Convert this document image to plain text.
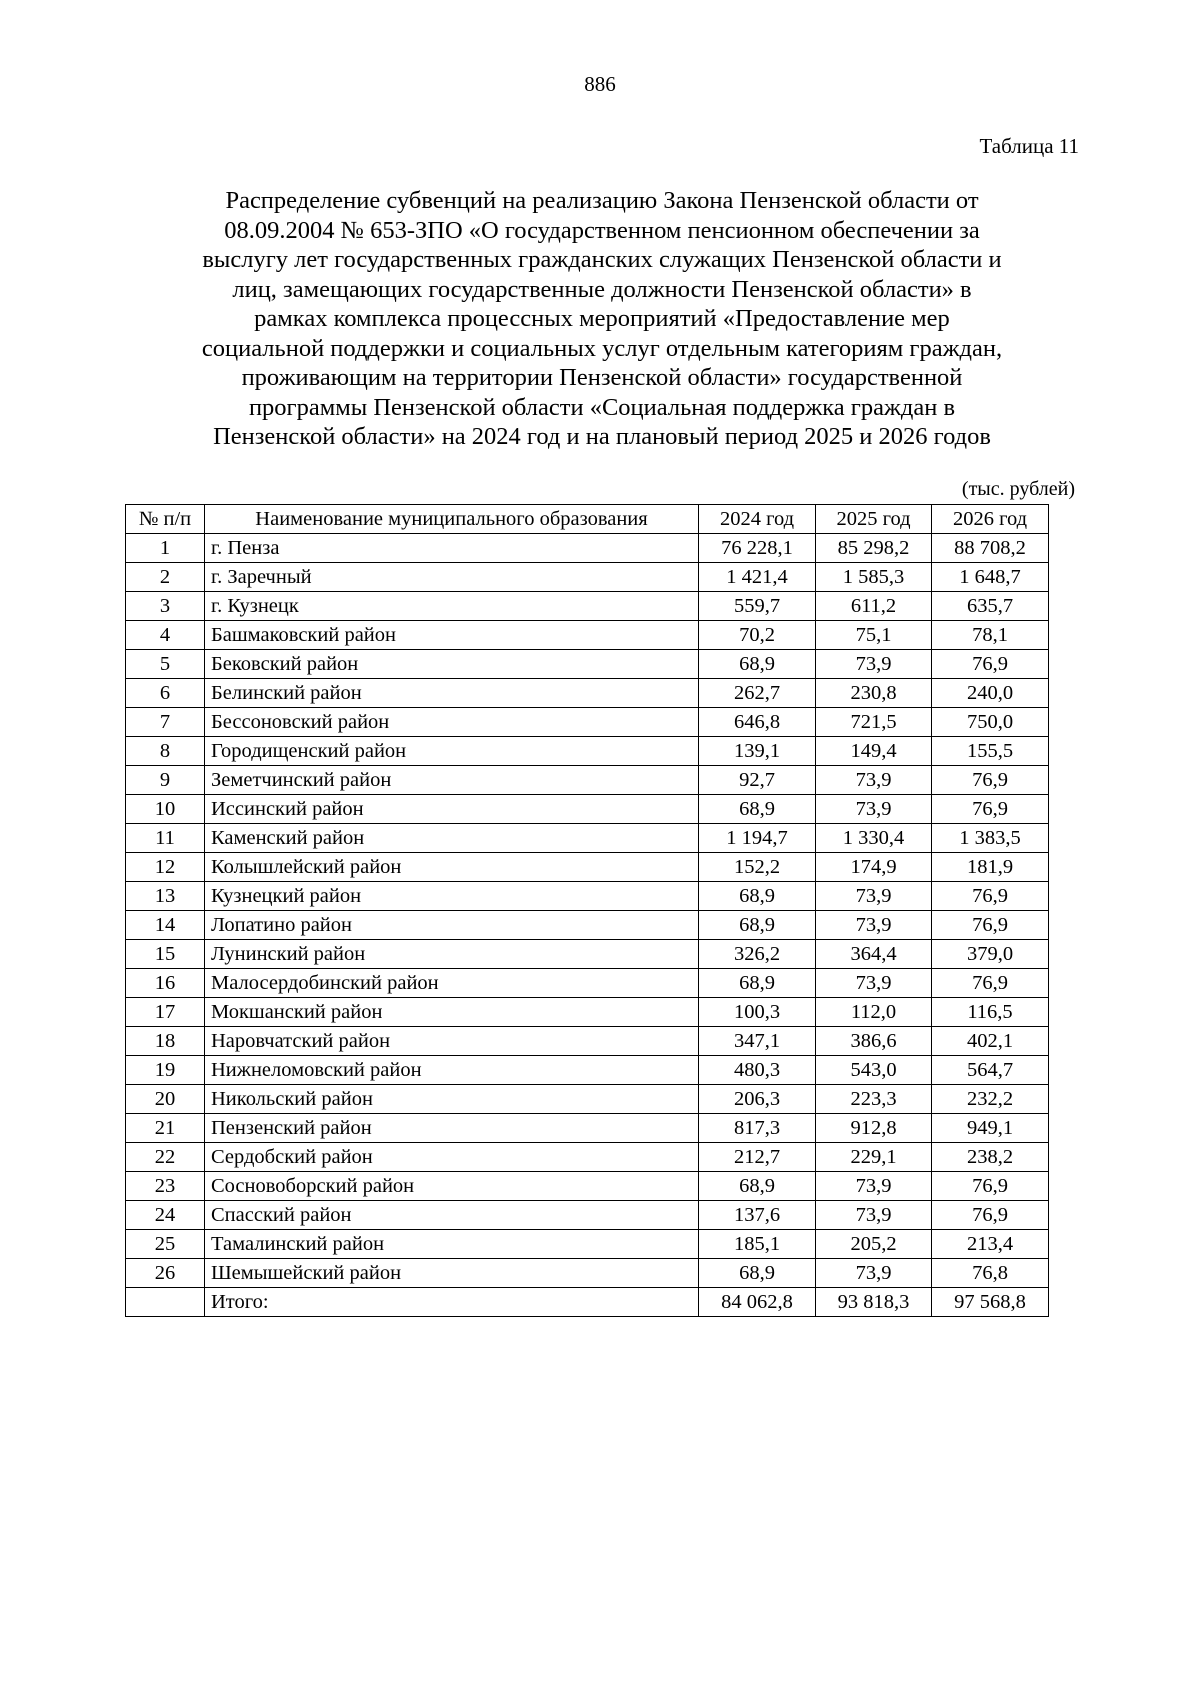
886
Таблица 11
Распределение субвенций на реализацию Закона Пензенской области от
08.09.2004 № 653-ЗПО «О государственном пенсионном обеспечении за
выслугу лет государственных гражданских служащих Пензенской области и
лиц, замещающих государственные должности Пензенской области» в
рамках комплекса процессных мероприятий «Предоставление мер
социальной поддержки и социальных услуг отдельным категориям граждан,
проживающим на территории Пензенской области» государственной
программы Пензенской области «Социальная поддержка граждан в
Пензенской области» на 2024 год и на плановый период 2025 и 2026 годов
(тыс. рублей)
№ п/п	Наименование муниципального образования	2024 год	2025 год	2026 год
1	г. Пенза	76 228,1	85 298,2	88 708,2
2	г. Заречный	1 421,4	1 585,3	1 648,7
3	г. Кузнецк	559,7	611,2	635,7
4	Башмаковский район	70,2	75,1	78,1
5	Бековский район	68,9	73,9	76,9
6	Белинский район	262,7	230,8	240,0
7	Бессоновский район	646,8	721,5	750,0
8	Городищенский район	139,1	149,4	155,5
9	Земетчинский район	92,7	73,9	76,9
10	Иссинский район	68,9	73,9	76,9
11	Каменский район	1 194,7	1 330,4	1 383,5
12	Колышлейский район	152,2	174,9	181,9
13	Кузнецкий район	68,9	73,9	76,9
14	Лопатино район	68,9	73,9	76,9
15	Лунинский район	326,2	364,4	379,0
16	Малосердобинский район	68,9	73,9	76,9
17	Мокшанский район	100,3	112,0	116,5
18	Наровчатский район	347,1	386,6	402,1
19	Нижнеломовский район	480,3	543,0	564,7
20	Никольский район	206,3	223,3	232,2
21	Пензенский район	817,3	912,8	949,1
22	Сердобский район	212,7	229,1	238,2
23	Сосновоборский район	68,9	73,9	76,9
24	Спасский район	137,6	73,9	76,9
25	Тамалинский район	185,1	205,2	213,4
26	Шемышейский район	68,9	73,9	76,8
	Итого:	84 062,8	93 818,3	97 568,8
